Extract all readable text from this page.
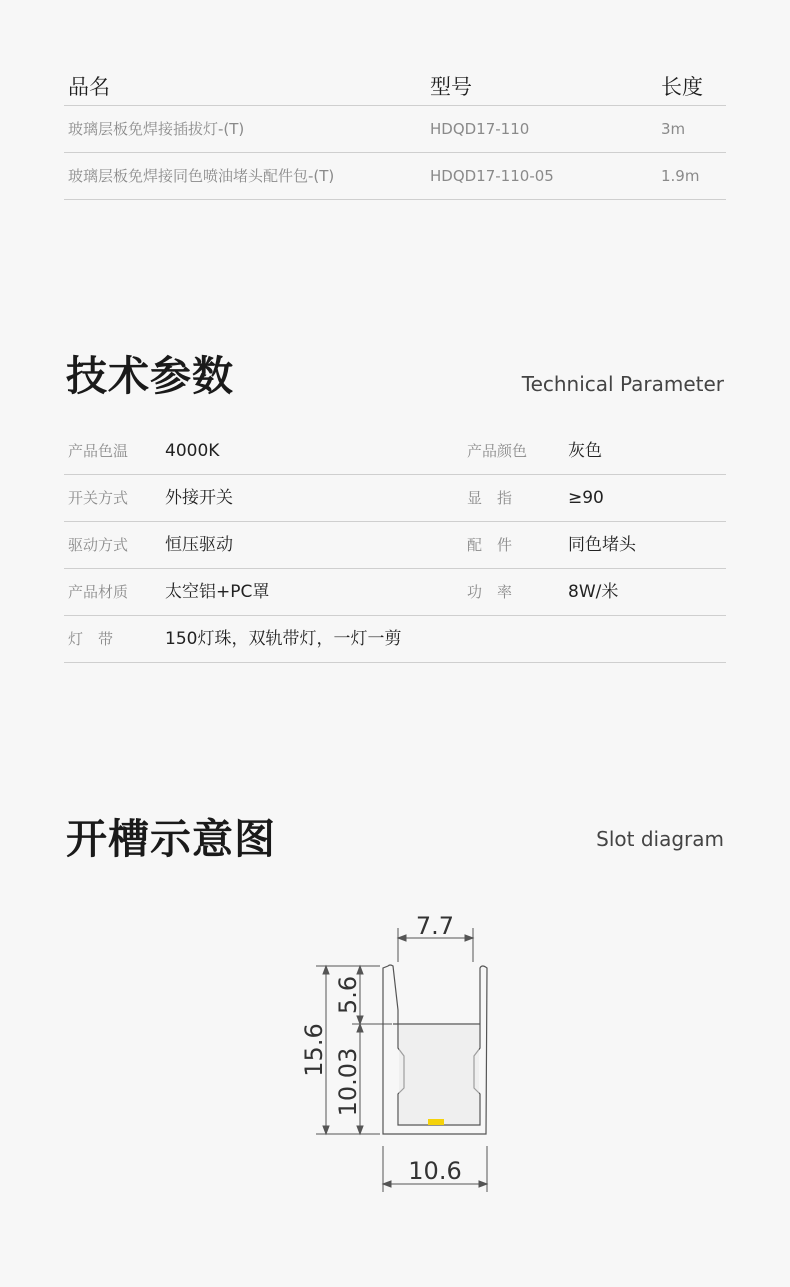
品名	型号	长度
玻璃层板免焊接插拔灯-(T)	HDQD17-110	3m
玻璃层板免焊接同色喷油堵头配件包-(T)	HDQD17-110-05	1.9m
技术参数	Technical Parameter
产品色温	4000K	产品颜色	灰色
开关方式	外接开关	显　指	≥90
驱动方式	恒压驱动	配　件	同色堵头
产品材质	太空铝+PC罩	功　率	8W/米
灯　带	150灯珠，双轨带灯，一灯一剪
开槽示意图	Slot diagram
7.7
15.6
5.6
10.03
10.6
